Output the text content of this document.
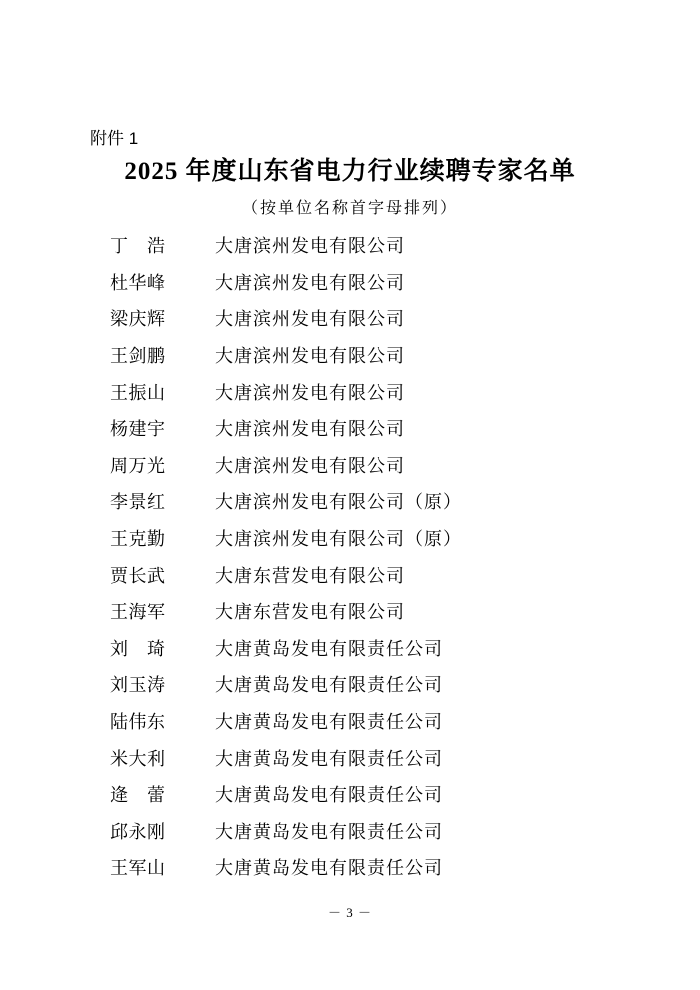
附件 1
2025 年度山东省电力行业续聘专家名单
（按单位名称首字母排列）
丁　浩	大唐滨州发电有限公司
杜华峰	大唐滨州发电有限公司
梁庆辉	大唐滨州发电有限公司
王剑鹏	大唐滨州发电有限公司
王振山	大唐滨州发电有限公司
杨建宇	大唐滨州发电有限公司
周万光	大唐滨州发电有限公司
李景红	大唐滨州发电有限公司（原）
王克勤	大唐滨州发电有限公司（原）
贾长武	大唐东营发电有限公司
王海军	大唐东营发电有限公司
刘　琦	大唐黄岛发电有限责任公司
刘玉涛	大唐黄岛发电有限责任公司
陆伟东	大唐黄岛发电有限责任公司
米大利	大唐黄岛发电有限责任公司
逄　蕾	大唐黄岛发电有限责任公司
邱永刚	大唐黄岛发电有限责任公司
王军山	大唐黄岛发电有限责任公司
－ 3 －
